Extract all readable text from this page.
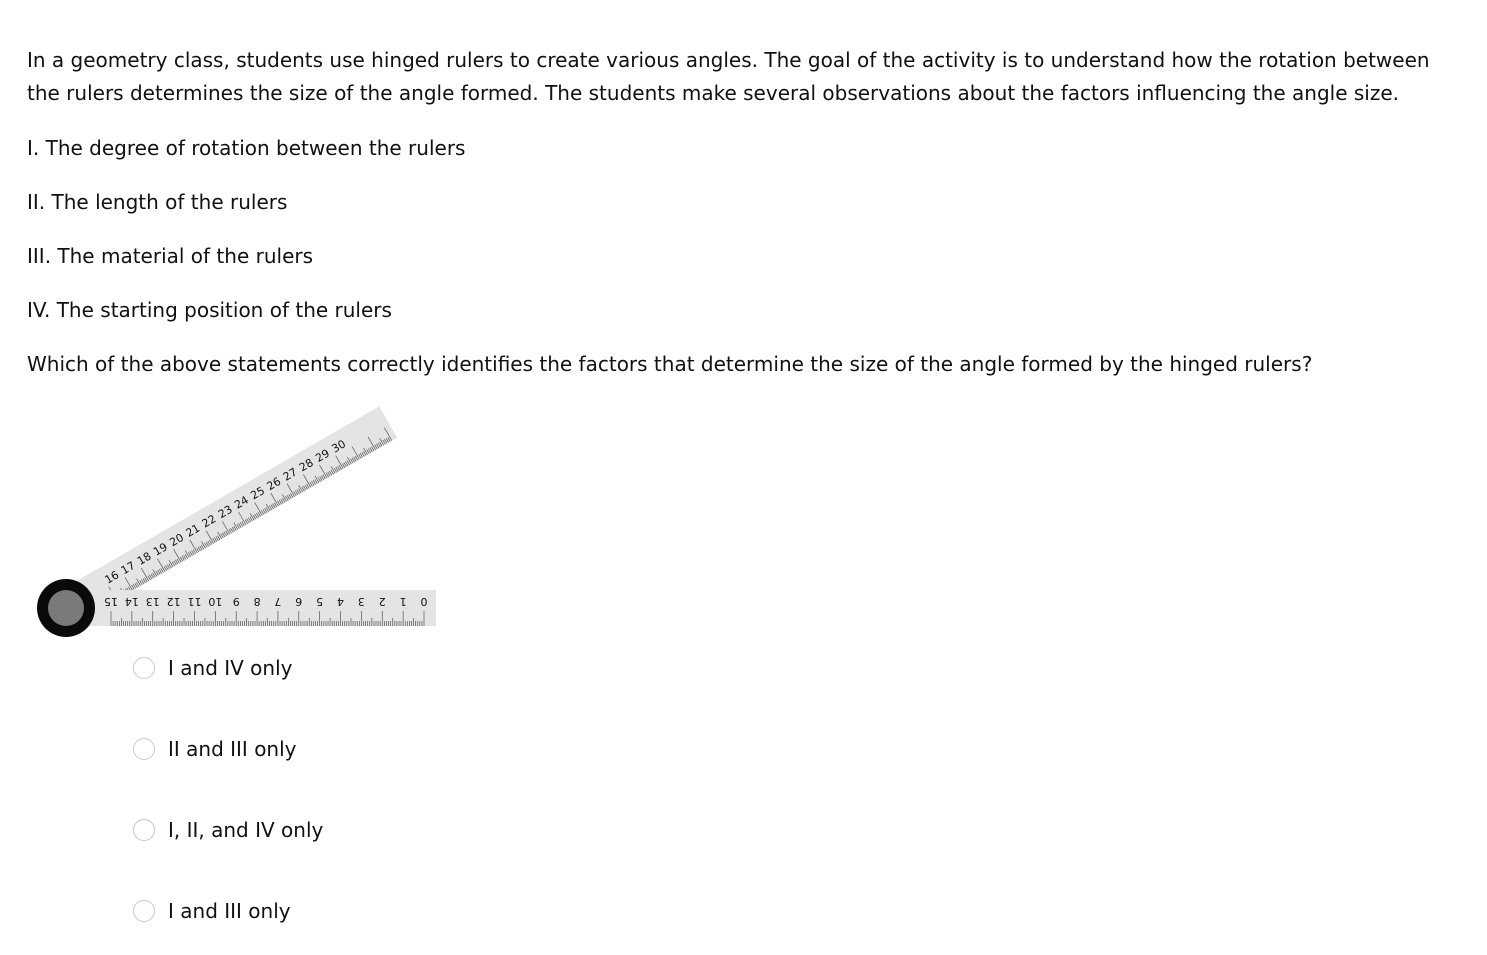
In a geometry class, students use hinged rulers to create various angles. The goal of the activity is to understand how the rotation between the rulers determines the size of the angle formed. The students make several observations about the factors influencing the angle size.

I. The degree of rotation between the rulers

II. The length of the rulers

III. The material of the rulers

IV. The starting position of the rulers

Which of the above statements correctly identifies the factors that determine the size of the angle formed by the hinged rulers?

16
17
18
19
20
21
22
23
24
25
26
27
28
29
30
0
1
2
3
4
5
6
7
8
9
10
11
12
13
14
15
I and IV only
II and III only
I, II, and IV only
I and III only
